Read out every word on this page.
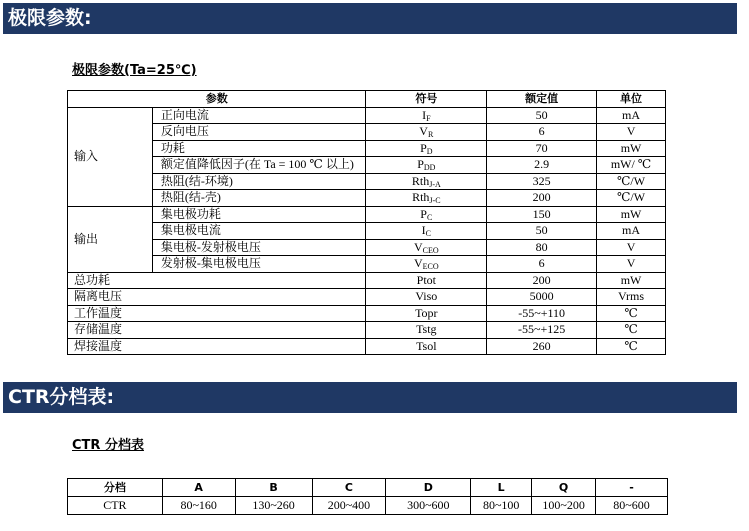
极限参数:
极限参数(Ta=25℃)
参数		符号	额定值	单位
输入	正向电流	$I_F$	50	mA
	反向电压	$V_R$	6	V
	功耗	$P_D$	70	mW
	额定值降低因子(在 Ta = 100 ℃ 以上)	$P_{DD}$	2.9	mW/ ℃
	热阻(结-环境)	Rth$_{J-A}$	325	℃/W
	热阻(结-壳)	Rth$_{J-C}$	200	℃/W
输出	集电极功耗	$P_C$	150	mW
	集电极电流	$I_C$	50	mA
	集电极-发射极电压	$V_{CEO}$	80	V
	发射极-集电极电压	$V_{ECO}$	6	V
总功耗		Ptot	200	mW
隔离电压		Viso	5000	Vrms
工作温度		Topr	-55~+110	℃
存储温度		Tstg	-55~+125	℃
焊接温度		Tsol	260	℃
CTR分档表:
CTR 分档表
分档	A	B	C	D	L	Q	-
CTR	80~160	130~260	200~400	300~600	80~100	100~200	80~600
